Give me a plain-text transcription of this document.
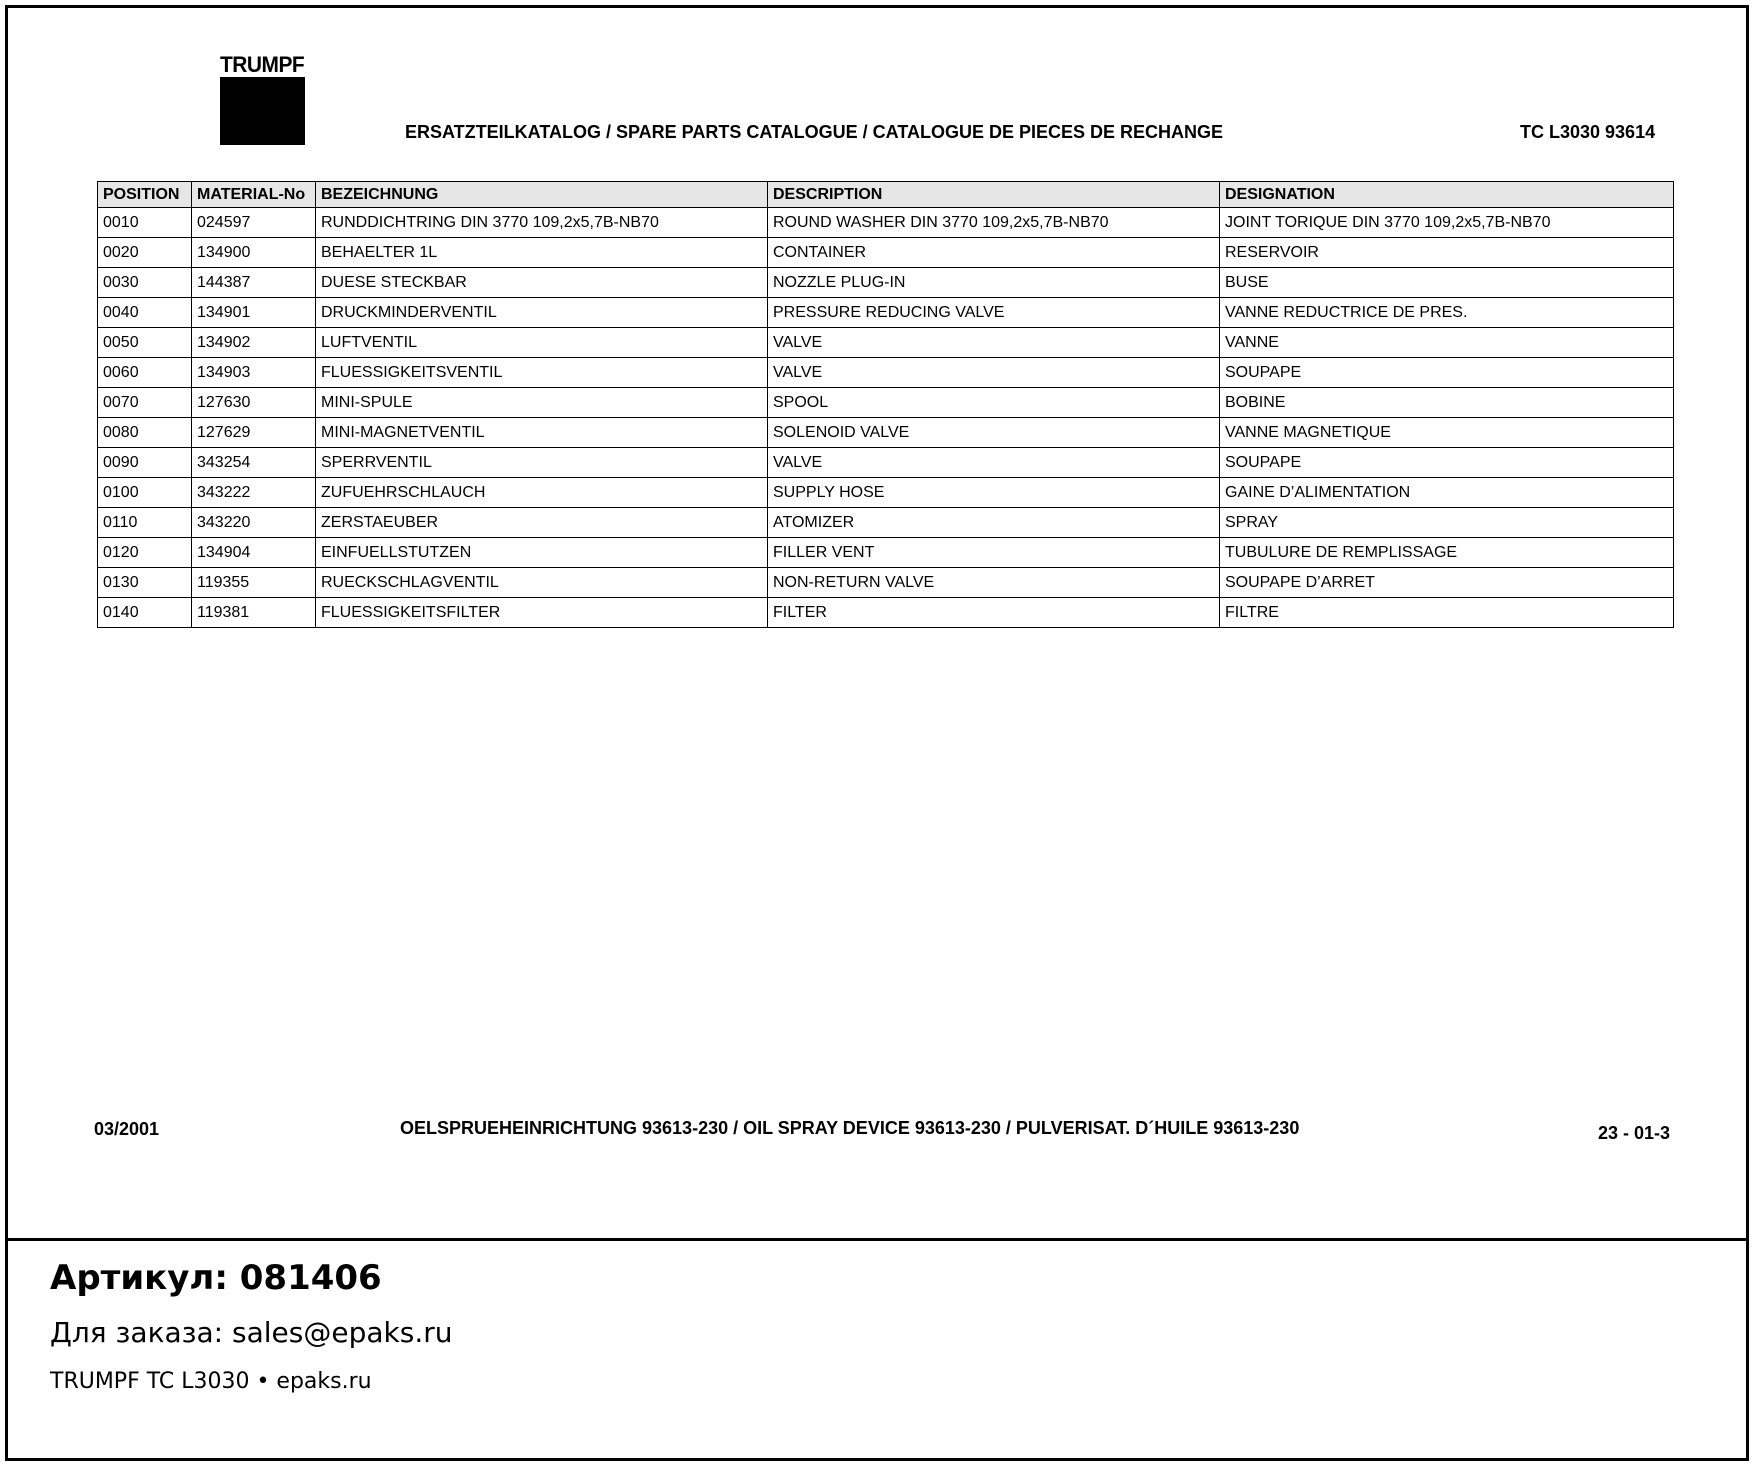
TRUMPF
ERSATZTEILKATALOG / SPARE PARTS CATALOGUE / CATALOGUE DE PIECES DE RECHANGE	TC L3030 93614
POSITION	MATERIAL-No	BEZEICHNUNG	DESCRIPTION	DESIGNATION
0010	024597	RUNDDICHTRING DIN 3770 109,2x5,7B-NB70	ROUND WASHER DIN 3770 109,2x5,7B-NB70	JOINT TORIQUE DIN 3770 109,2x5,7B-NB70
0020	134900	BEHAELTER 1L	CONTAINER	RESERVOIR
0030	144387	DUESE STECKBAR	NOZZLE PLUG-IN	BUSE
0040	134901	DRUCKMINDERVENTIL	PRESSURE REDUCING VALVE	VANNE REDUCTRICE DE PRES.
0050	134902	LUFTVENTIL	VALVE	VANNE
0060	134903	FLUESSIGKEITSVENTIL	VALVE	SOUPAPE
0070	127630	MINI-SPULE	SPOOL	BOBINE
0080	127629	MINI-MAGNETVENTIL	SOLENOID VALVE	VANNE MAGNETIQUE
0090	343254	SPERRVENTIL	VALVE	SOUPAPE
0100	343222	ZUFUEHRSCHLAUCH	SUPPLY HOSE	GAINE D’ALIMENTATION
0110	343220	ZERSTAEUBER	ATOMIZER	SPRAY
0120	134904	EINFUELLSTUTZEN	FILLER VENT	TUBULURE DE REMPLISSAGE
0130	119355	RUECKSCHLAGVENTIL	NON-RETURN VALVE	SOUPAPE D’ARRET
0140	119381	FLUESSIGKEITSFILTER	FILTER	FILTRE
03/2001	OELSPRUEHEINRICHTUNG 93613-230 / OIL SPRAY DEVICE 93613-230 / PULVERISAT. D´HUILE 93613-230	23 - 01-3
Артикул: 081406
Для заказа: sales@epaks.ru
TRUMPF TC L3030 • epaks.ru
